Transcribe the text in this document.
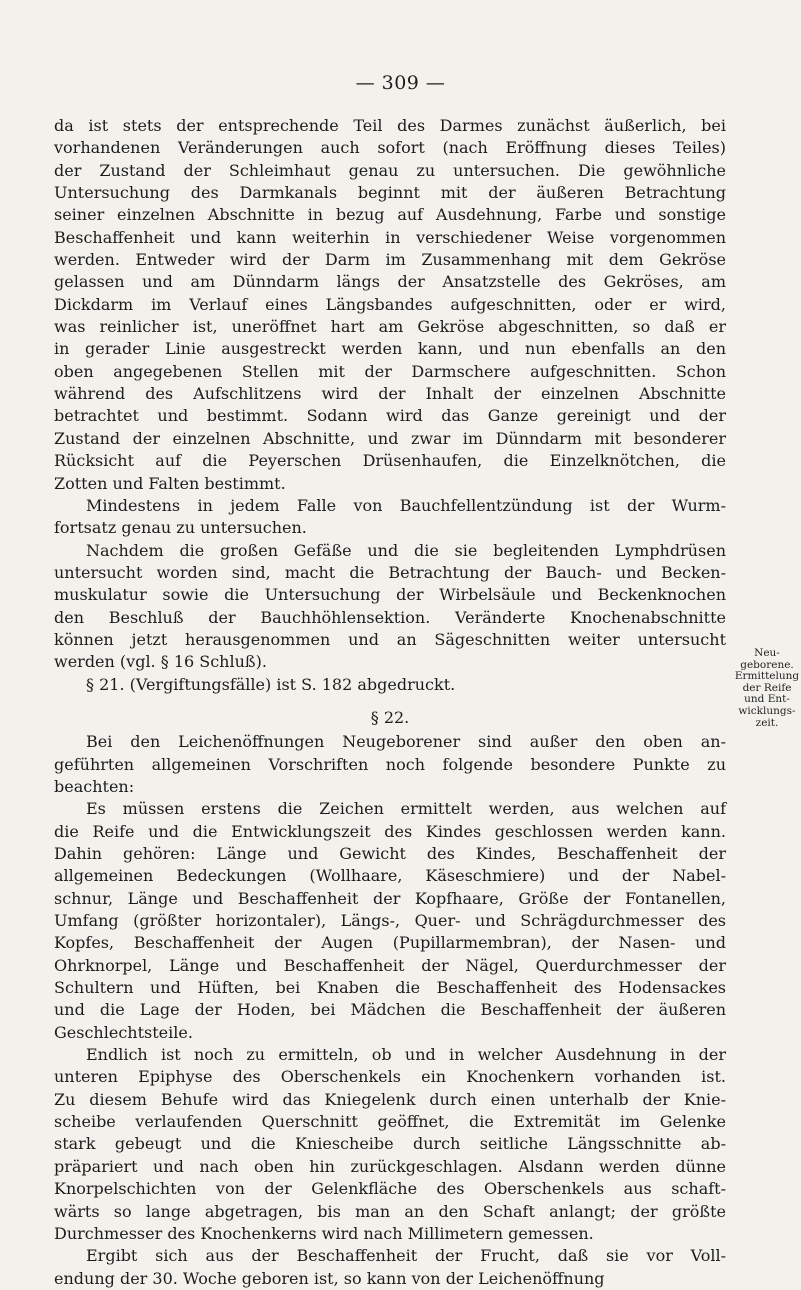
— 309 —
da ist stets der entsprechende Teil des Darmes zunächst äußerlich, bei
vorhandenen Veränderungen auch sofort (nach Eröffnung dieses Teiles)
der Zustand der Schleimhaut genau zu untersuchen. Die gewöhnliche
Untersuchung des Darmkanals beginnt mit der äußeren Betrachtung
seiner einzelnen Abschnitte in bezug auf Ausdehnung, Farbe und sonstige
Beschaffenheit und kann weiterhin in verschiedener Weise vorgenommen
werden. Entweder wird der Darm im Zusammenhang mit dem Gekröse
gelassen und am Dünndarm längs der Ansatzstelle des Gekröses, am
Dickdarm im Verlauf eines Längsbandes aufgeschnitten, oder er wird,
was reinlicher ist, uneröffnet hart am Gekröse abgeschnitten, so daß er
in gerader Linie ausgestreckt werden kann, und nun ebenfalls an den
oben angegebenen Stellen mit der Darmschere aufgeschnitten. Schon
während des Aufschlitzens wird der Inhalt der einzelnen Abschnitte
betrachtet und bestimmt. Sodann wird das Ganze gereinigt und der
Zustand der einzelnen Abschnitte, und zwar im Dünndarm mit besonderer
Rücksicht auf die Peyerschen Drüsenhaufen, die Einzelknötchen, die
Zotten und Falten bestimmt.
Mindestens in jedem Falle von Bauchfellentzündung ist der Wurm-
fortsatz genau zu untersuchen.
Nachdem die großen Gefäße und die sie begleitenden Lymphdrüsen
untersucht worden sind, macht die Betrachtung der Bauch- und Becken-
muskulatur sowie die Untersuchung der Wirbelsäule und Beckenknochen
den Beschluß der Bauchhöhlensektion. Veränderte Knochenabschnitte
können jetzt herausgenommen und an Sägeschnitten weiter untersucht
werden (vgl. § 16 Schluß).
§ 21. (Vergiftungsfälle) ist S. 182 abgedruckt.
§ 22.
Bei den Leichenöffnungen Neugeborener sind außer den oben an-
geführten allgemeinen Vorschriften noch folgende besondere Punkte zu
beachten:
Es müssen erstens die Zeichen ermittelt werden, aus welchen auf
die Reife und die Entwicklungszeit des Kindes geschlossen werden kann.
Dahin gehören: Länge und Gewicht des Kindes, Beschaffenheit der
allgemeinen Bedeckungen (Wollhaare, Käseschmiere) und der Nabel-
schnur, Länge und Beschaffenheit der Kopfhaare, Größe der Fontanellen,
Umfang (größter horizontaler), Längs-, Quer- und Schrägdurchmesser des
Kopfes, Beschaffenheit der Augen (Pupillarmembran), der Nasen- und
Ohrknorpel, Länge und Beschaffenheit der Nägel, Querdurchmesser der
Schultern und Hüften, bei Knaben die Beschaffenheit des Hodensackes
und die Lage der Hoden, bei Mädchen die Beschaffenheit der äußeren
Geschlechtsteile.
Endlich ist noch zu ermitteln, ob und in welcher Ausdehnung in der
unteren Epiphyse des Oberschenkels ein Knochenkern vorhanden ist.
Zu diesem Behufe wird das Kniegelenk durch einen unterhalb der Knie-
scheibe verlaufenden Querschnitt geöffnet, die Extremität im Gelenke
stark gebeugt und die Kniescheibe durch seitliche Längsschnitte ab-
präpariert und nach oben hin zurückgeschlagen. Alsdann werden dünne
Knorpelschichten von der Gelenkfläche des Oberschenkels aus schaft-
wärts so lange abgetragen, bis man an den Schaft anlangt; der größte
Durchmesser des Knochenkerns wird nach Millimetern gemessen.
Ergibt sich aus der Beschaffenheit der Frucht, daß sie vor Voll-
endung der 30. Woche geboren ist, so kann von der Leichenöffnung
Neu-
geborene.
Ermittelung
der Reife
und Ent-
wicklungs-
zeit.
